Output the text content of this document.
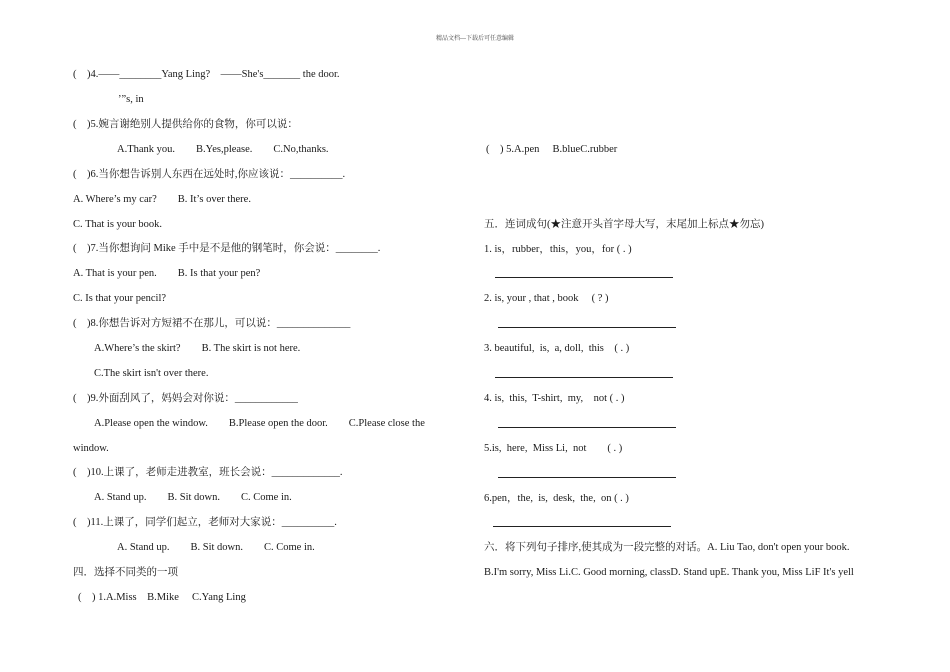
精品文档---下载后可任意编辑
(　)4.——________Yang Ling?　——She's_______ the door.
’”s, in
(　)5.婉言谢绝别人提供给你的食物，你可以说：
A.Thank you.　　B.Yes,please.　　C.No,thanks.
(　)6.当你想告诉别人东西在远处时,你应该说：__________.
A. Where’s my car?　　B. It’s over there.
C. That is your book.
(　)7.当你想询问 Mike 手中是不是他的钢笔时，你会说：________.
A. That is your pen.　　B. Is that your pen?
C. Is that your pencil?
(　)8.你想告诉对方短裙不在那儿，可以说：______________
A.Where’s the skirt?　　B. The skirt is not here.
C.The skirt isn't over there.
(　)9.外面刮风了，妈妈会对你说：____________
A.Please open the window.　　B.Please open the door.　　C.Please close the
window.
(　)10.上课了，老师走进教室，班长会说：_____________.
A. Stand up.　　B. Sit down.　　C. Come in.
(　)11.上课了，同学们起立，老师对大家说：__________.
A. Stand up.　　B. Sit down.　　C. Come in.
四．选择不同类的一项
(　) 1.A.Miss　B.Mike　 C.Yang Ling
(　) 5.A.pen　 B.blueC.rubber
五．连词成句(★注意开头首字母大写，末尾加上标点★勿忘)
1. is，rubber，this，you，for ( . )
2. is, your , that , book　 ( ? )
3. beautiful,  is,  a, doll,  this　( . )
4. is,  this,  T-shirt,  my,　not ( . )
5.is,  here,  Miss Li,  not　　( . )
6.pen，the,  is,  desk,  the,  on ( . )
六．将下列句子排序,使其成为一段完整的对话。A. Liu Tao, don't open your book.
B.I'm sorry, Miss Li.C. Good morning, classD. Stand upE. Thank you, Miss LiF It's yell
